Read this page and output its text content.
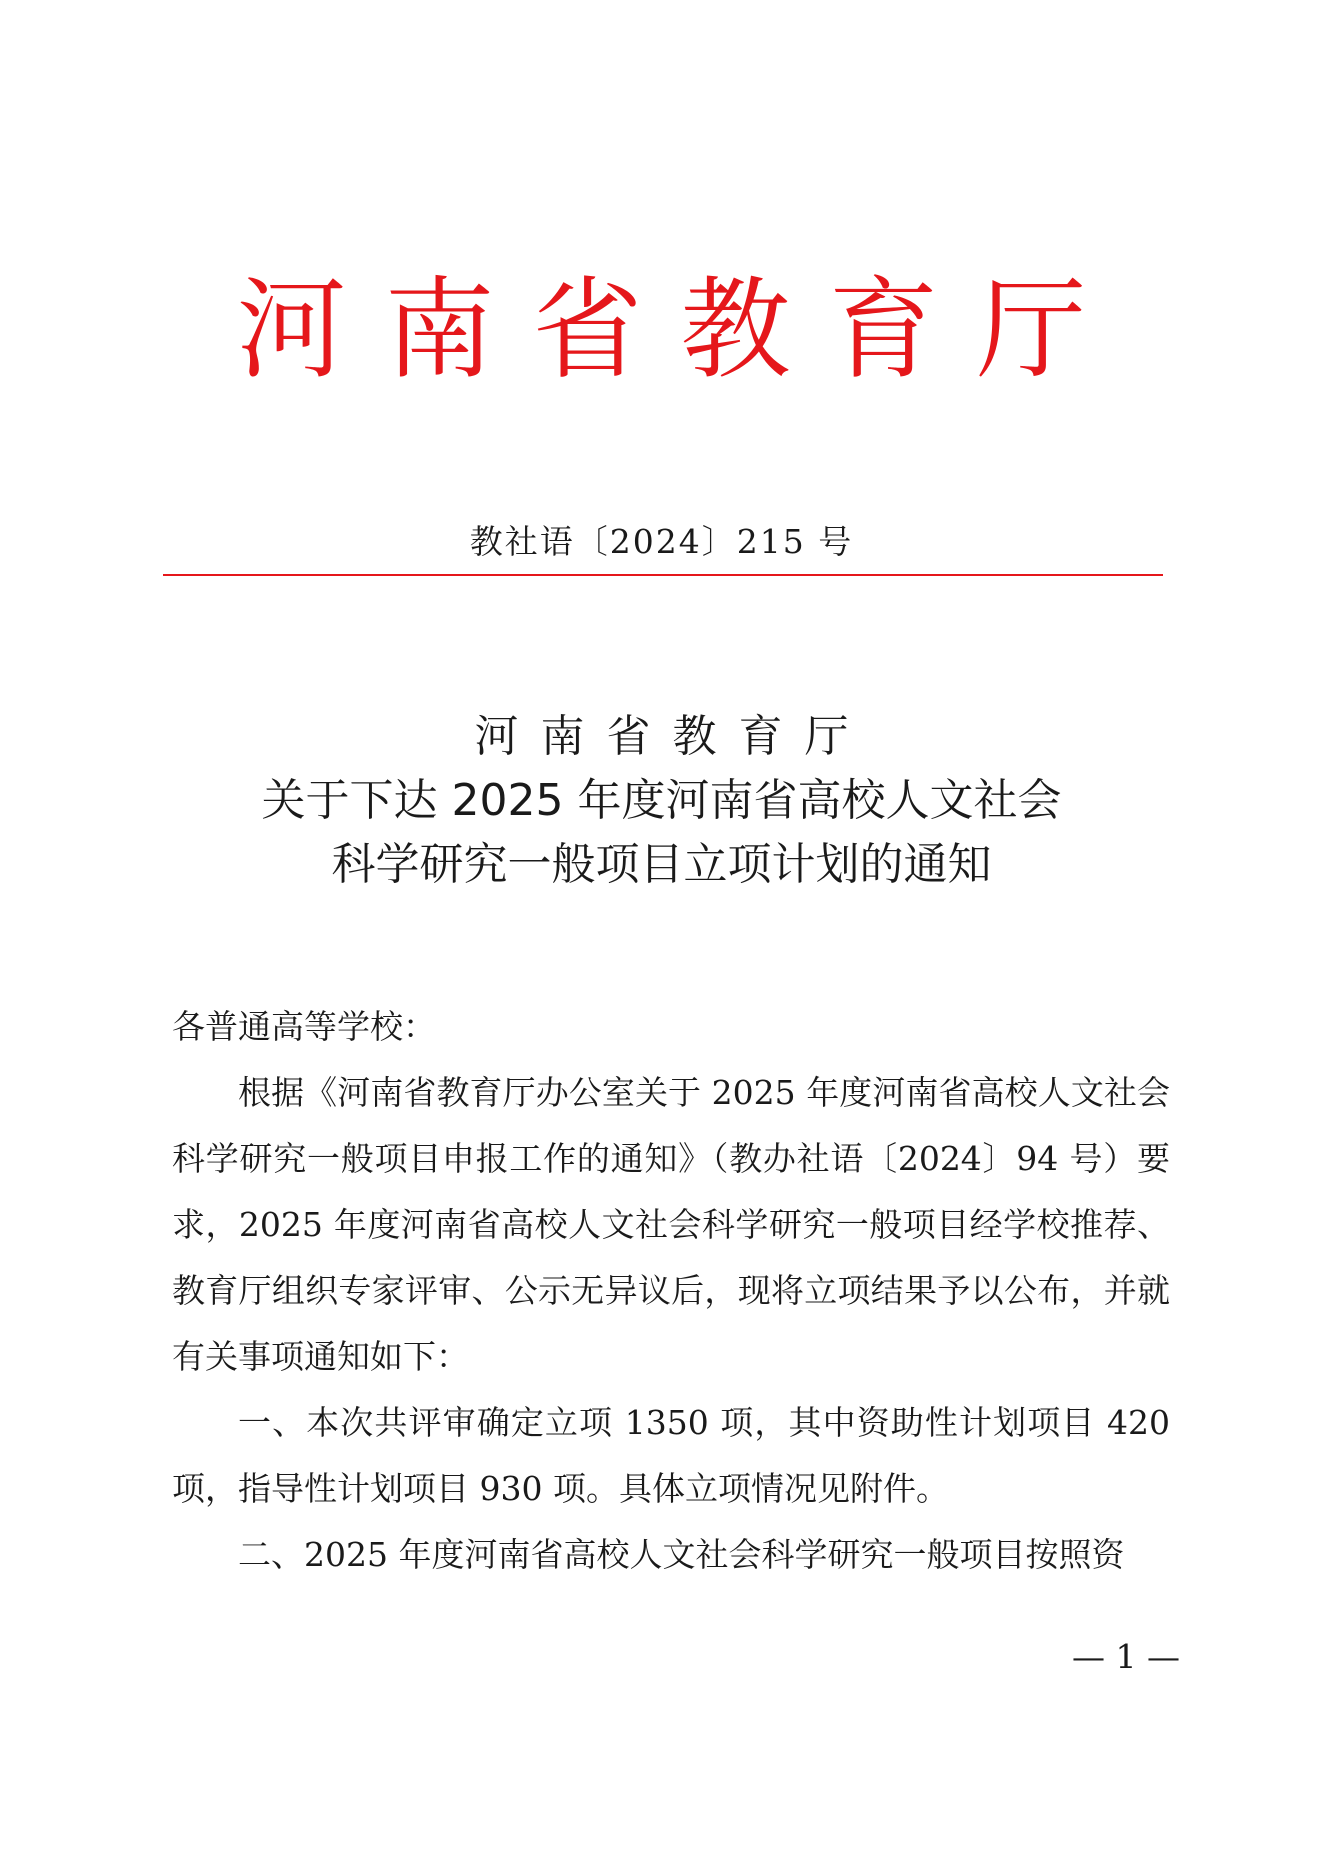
河南省教育厅
教社语〔2024〕215 号
河南省教育厅
关于下达 2025 年度河南省高校人文社会
科学研究一般项目立项计划的通知

各普通高等学校：

根据《河南省教育厅办公室关于 2025 年度河南省高校人文社会科学研究一般项目申报工作的通知》（教办社语〔2024〕94 号）要求，2025 年度河南省高校人文社会科学研究一般项目经学校推荐、教育厅组织专家评审、公示无异议后，现将立项结果予以公布，并就有关事项通知如下：

一、本次共评审确定立项 1350 项，其中资助性计划项目 420 项，指导性计划项目 930 项。具体立项情况见附件。

二、2025 年度河南省高校人文社会科学研究一般项目按照资

— 1 —
